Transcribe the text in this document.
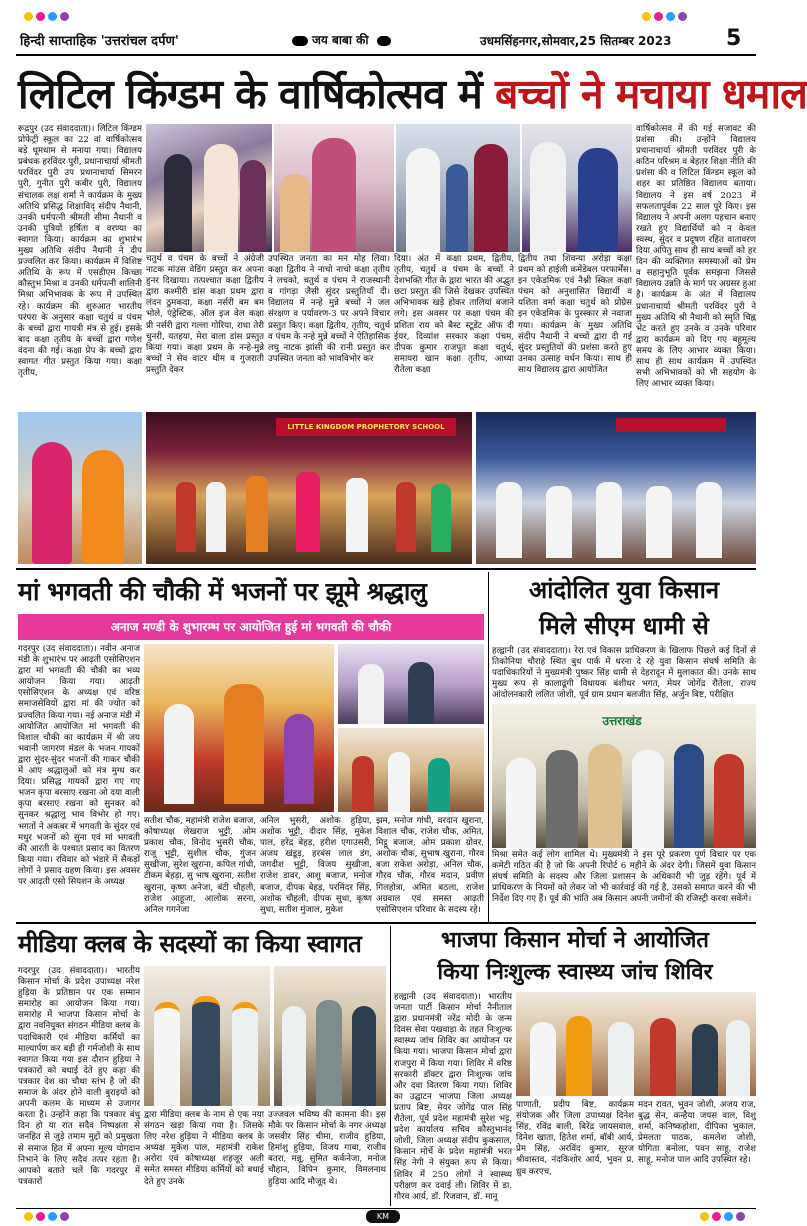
हिन्दी साप्ताहिक 'उत्तरांचल दर्पण'	जय बाबा की	उधमसिंहनगर,सोमवार,25 सितम्बर 2023 5
लिटिल किंग्डम के वार्षिकोत्सव में बच्चों ने मचाया धमाल
रूद्रपुर (उद संवाददाता)। लिटिल किंग्डम प्रोफेट्री स्कूल का 22 वां वार्षिकोत्सव बड़े धूमधाम से मनाया गया। विद्यालय प्रबंधक हरविंदर पुरी, प्रधानाचार्या श्रीमती परविंदर पुरी उप प्रधानाचार्या सिमरन पुरी, गुनीत पुरी कबीर पुरी, विद्यालय संचालक लक्ष शर्मा ने कार्यक्रम के मुख्य अतिथि प्रसिद्ध शिक्षाविद् संदीप नैथानी, उनकी धर्मपत्नी श्रीमती सीमा नैथानी व उनकी पुत्रियों हर्षिता व वरण्या का स्वागत किया। कार्यक्रम का शुभारंभ मुख्य अतिथि संदीप नैथानी ने दीप प्रज्वलित कर किया। कार्यक्रम में विशिष्ट अतिथि के रूप में एसडीएम किच्छा कौस्तुभ मिश्रा व उनकी धर्मपत्नी शालिनी मिश्रा अभिभावक के रूप में उपस्थित रहे। कार्यक्रम की शुरुआत भारतीय परंपरा के अनुसार कक्षा चतुर्थ व पंचम के बच्चों द्वारा गायत्री मंत्र से हुई। इसके बाद कक्षा तृतीय के बच्चों द्वारा गणेश वंदना की गई। कक्षा प्रेप के बच्चों द्वारा स्वागत गीत प्रस्तुत किया गया। कक्षा तृतीय,
वार्षिकोत्सव में की गई सजावट की प्रशंसा की। उन्होंने विद्यालय प्रधानाचार्या श्रीमती परविंदर पुरी के कठिन परिश्रम व बेहतर शिक्षा नीति की प्रशंसा की व लिटिल किंग्डम स्कूल को शहर का प्रतिष्ठित विद्यालय बताया। विद्यालय ने इस वर्ष 2023 में सफलतापूर्वक 22 साल पूरे किए। इस विद्यालय ने अपनी अलग पहचान बनाए रखते हुए विद्यार्थियों को न केवल स्वस्थ, सुंदर व प्रदूषण रहित वातावरण दिया अपितु साथ ही साथ बच्चों को हर दिन की व्यक्तिगत समस्याओं को प्रेम व सहानुभूति पूर्वक समझना जिससे विद्यालय उन्नति के मार्ग पर अग्रसर हुआ है। कार्यक्रम के अंत में विद्यालय प्रधानाचार्या श्रीमती परविंदर पुरी ने मुख्य अतिथि श्री नैथानी को स्मृति चिह्न भेंट करते हुए उनके व उनके परिवार द्वारा कार्यक्रम को दिए गए बहुमूल्य समय के लिए आभार व्यक्त किया। साथ ही साथ कार्यक्रम में उपस्थित सभी अभिभावकों को भी सहयोग के लिए आभार व्यक्त किया।
चतुर्थ व पंचम के बच्चों ने अंग्रेजी नाटक मांउस वेडिंग प्रस्तुत कर अपना हुनर दिखाया। तत्पश्चात कक्षा द्वितीय द्वारा कश्मीरी डांस कक्षा प्रथम द्वारा लंदन ठुमकदा, कक्षा नर्सरी बम बम भोले, एंड्रेस्टिक, ऑल इज वेल कक्षा प्री नर्सरी द्वारा गल्ला गोरिया, राधा तेरी चुनरी, यतहया, मेरा वाला डांस प्रस्तुत किया गया। कक्षा प्रथम के नन्हे-मुन्ने बच्चों ने सेव वाटर थीम व गुजराती प्रस्तुति देकर
उपस्थित जनता का मन मोह लिया। कक्षा द्वितीय ने नाचो नाचो कक्षा तृतीय ने लचको, चतुर्थ व पंचम ने राजस्थानी व गांगड़ा जैसी सुंदर प्रस्तुतियाँ दी। विद्यालय में नन्हे मुन्ने बच्चों ने जल संरक्षण व पर्यावरण-3 पर अपने विचार प्रस्तुत किए। कक्षा द्वितीय, तृतीय, चतुर्थ व पंचम के नन्हे मुन्ने बच्चों ने ऐतिहासिक लघु नाटक झांसी की रानी प्रस्तुत कर उपस्थित जनता को भावविभोर कर
दिया। अंत में कक्षा प्रथम, द्वितीय, तृतीय, चतुर्थ व पंचम के बच्चों ने देशभक्ति गीत के द्वारा भारत की अद्भुत छटा प्रस्तुत की जिसे देखकर उपस्थित अभिभावक खड़े होकर तालियां बजाने लगे। इस अवसर पर कक्षा पंचम की प्रशिता राय को बैस्ट स्टूडेंट ऑफ दी ईयर, दिव्यांश सरकार कक्षा पंचम, दीपक कुमार राजपूत कक्षा चतुर्थ, समायरा खान कक्षा तृतीय, आध्या रौतेला कक्षा
द्वितीय तथा शिवन्या अरोड़ा कक्षा प्रथम को हाईली कमेंडेबल परफार्मेंस। इन एकेडमिक एवं नैश्नी स्किल कक्षा पंचम को अनुशासित विद्यार्थी व यशिता वर्मा कक्षा चतुर्थ को प्रोग्रेस इन एकेडमिक के पुरस्कार से नवाजा गया। कार्यक्रम के मुख्य अतिथि संदीप नैथानी ने बच्चों द्वारा दी गई सुंदर प्रस्तुतियों की प्रशंसा करते हुए उनका उत्साह वर्धन किया। साथ ही साथ विद्यालय द्वारा आयोजित
LITTLE KINGDOM PROPHETORY SCHOOL
मां भगवती की चौकी में भजनों पर झूमे श्रद्धालु
अनाज मण्डी के शुभारम्भ पर आयोजित हुई मां भगवती की चौकी
गदरपुर (उद संवाददाता)। नवीन अनाज मंडी के शुभारंभ पर आढ़ती एसोसिएशन द्वारा मां भगवती की चौकी का भव्य आयोजन किया गया। आढ़ती एसोसिएशन के अध्यक्ष एवं वरिष्ठ समाजसेवियों द्वारा मां की ज्योत को प्रज्वलित किया गया। नई अनाज मंडी में आयोजित आयोजित मां भगवती की विशाल चौकी का कार्यक्रम में श्री जय भवानी जागरण मंडल के भजन गायकों द्वारा सुंदर-सुंदर भजनों की गाकर चौकी में आए श्रद्धालुओं को मंत्र मुग्ध कर दिया। प्रसिद्ध गायकों द्वारा गए गए भजन कृपा बरसाए रखना ओ दया वाली कृपा बरसाए रखना को सुनकर को सुनकर श्रद्धालु भाव विभोर हो गए। भगतों ने अकबर में भगवती के सुंदर एवं मधुर भजनों को सुना एवं मां भगवती की आरती के पश्चात प्रसाद का वितरण किया गया। रविवार को भंडारे में सैकड़ों लोगों ने प्रसाद ग्रहण किया। इस अवसर पर आढ़ती एसो सियशन के अध्यक्ष
सतीश चौक, महामंत्री राजेश बजाज, कोषाध्यक्ष लेखराज भुट्टी, ओम प्रकाश चौक, विनोद भुसरी चौक, राजू भुट्टी, सुशील चौक, गुंजन सुखीजा, सुरेश खुराना, कपिल गांधी, टीकम बेहड़ा, सु भाष खुराना, सतीश खुराना, कृष्ण अनेजा, बंटी चौहली, राजेश आहूजा, आलोक सरना, अनिल गगनेजा
अनिल भुसरी, अशोक हुड़िया, अशोक भुट्टी, दीदार सिंह, मुकेश पाल, हरेंद्र बेहड़, हरीश एगाउसरी, अजय खंडूड़, हरबंस लाल डंग, जगदीश भुट्टी, विजय सुखीजा, राजेश डावर, आशु बजाज, मनोज बजाज, दीपक बेहड़, परमिंदर सिंह, अशोक चौहली, दीपक सुधा, कृष्ण सुधा, सतीश मुंजाल, मुकेश
झम, मनोज गांधी, वरदान खुराना, विशाल चौक, राजेश चौक, अमित, मिट्ठू बजाज, ओम प्रकाश ग्रोवर, अशोक चौक, सुभाष खुराना, गौरव बजा राकेश अरोड़ा, अनिल चौक, गौरव चौक, गौरव मदान, प्रवीण गिलहोत्रा, अमित बठला, राजेश अग्रवाल एवं समस्त आढ़ती एसोसिएशन परिवार के सदस्य रहे।
आंदोलित युवा किसान
मिले सीएम धामी से
हल्द्वानी (उद संवाददाता)। रेरा एवं विकास प्राधिकरण के खिलाफ पिछले कई दिनों से तिकोनिया चौराहे स्थित बुध पार्क में धरना दे रहे युवा किसान संघर्ष समिति के पदाधिकारियों ने मुख्यमंत्री पुष्कर सिंह धामी से देहरादून में मुलाकात की। उनके साथ मुख्य रूप से कालाढूंगी विधायक बंशीधर भगत, मेयर जोगेंद्र रौतेला, राज्य आंदोलनकारी ललित जोशी, पूर्व ग्राम प्रधान बलजीत सिंह, अर्जुन बिष्ट, परीक्षित
उत्तराखंड
मिश्रा समेत कई लोग शामिल थे। मुख्यमंत्री ने इस पूरे प्रकरण पूर्ण विचार पर एक कमेटी गठित की है जो कि अपनी रिपोर्ट 6 महीने के अंदर देगी। जिसमें युवा किसान संघर्ष समिति के सदस्य और जिला प्रशासन के अधिकारी भी जुड़ रहेंगे। पूर्व में प्राधिकरण के नियमों को लेकर जो भी कार्रवाई की गई है, उसको समाप्त करने की भी निर्देश दिए गए हैं। पूर्व की भांति अब किसान अपनी जमीनों की रजिस्ट्री करवा सकेंगे।
मीडिया क्लब के सदस्यों का किया स्वागत
गदरपुर (उद संवाददाता)। भारतीय किसान मोर्चा के प्रदेश उपाध्यक्ष नरेश हुड़िया के प्रतिष्ठान पर एक सम्मान समारोह का आयोजन किया गया। समारोह में भाजपा किसान मोर्चा के द्वारा नवनियुक्त संगठन मीडिया क्लब के पदाधिकारी एवं मीडिया कर्मियों का माल्यार्पण कर बड़ी ही गर्मजोशी के साथ स्वागत किया गया इस दौरान हुड़िया ने पत्रकारों को बधाई देते हुए कहा की पत्रकार देश का चौथा स्तंभ है जो की समाज के अंदर होने वाली बुराइयों को अपनी कलम के माध्यम से उजागर करता है। उन्होंने कहा कि पत्रकार बंधु दिन हो या रात सदैव निष्पक्षता से जनहित से जुड़े तमाम मुद्दों को प्रमुखता से समाज हित में अपना मूल्य योगदान निभाने के लिए सदैव तत्पर रहता है। आपको बताते चलें कि गदरपुर में पत्रकारों
द्वारा मीडिया क्लब के नाम से एक नया संगठन खड़ा किया गया है। जिसके लिए नरेश हुड़िया ने मीडिया क्लब के अध्यक्ष मुकेश पाल, महामंत्री राकेश अरोरा एवं कोषाध्यक्ष शहजूर अली समेत समस्त मीडिया कर्मियों को बधाई देते हुए उनके
उज्जवल भविष्य की कामना की। इस मौके पर किसान मोर्चा के नगर अध्यक्ष जसवीर सिंह चीमा, राजीव हुड़िया, हिमांशु हुड़िया, विजय गाबा, राजीव बतरा, मन्नू, सुमित कर्कनेजा, मनोज चौहान, विपिन कुमार, विमलनाथ हुड़िया आदि मौजूद थे।
भाजपा किसान मोर्चा ने आयोजित
किया निःशुल्क स्वास्थ्य जांच शिविर
हल्द्वानी (उद संवाददाता)। भारतीय जनता पार्टी किसान मोर्चा नैनीताल द्वारा प्रधानमंत्री नरेंद्र मोदी के जन्म दिवस सेवा पखवाड़ा के तहत निःशुल्क स्वास्थ्य जांच शिविर का आयोजन पर किया गया। भाजपा किसान मोर्चा द्वारा राजपुरा में किया गया। शिविर में वरिष्ठ सरकारी डॉक्टर द्वारा निःशुल्क जांच और दवा वितरण किया गया। शिविर का उद्घाटन भाजपा जिला अध्यक्ष प्रताप बिष्ट, मेयर जोगेंद्र पाल सिंह रौतेला, पूर्व प्रदेश महामंत्री सुरेश भट्ट, प्रदेश कार्यालय सचिव कौस्तुभानंद जोशी, जिला अध्यक्ष संदीप कुकसाल, किसान मोर्चे के प्रदेश महामंत्री भरत सिंह नेगी ने संयुक्त रूप से किया। शिविर में 250 लोगों ने स्वास्थ्य परीक्षण कर दवाई ली। शिविर में डा. गौरव आर्य, डॉ. रिजवान, डॉ. मानू
पाणाती, प्रदीप बिष्ट, कार्यक्रम संयोजक और जिला उपाध्यक्ष दिनेश सिंह, रविंद्र बाली, बिरेंद्र जायसवाल, दिनेश खाता, हितेश शर्मा, बॉबी आर्य, प्रेम सिंह, अरविंद कुमार, सूरज श्रीवास्तव, नंदकिशोर आर्य, भुवन प्र, ध्रुव करएच,
मदन रावत, भुवन जोशी, अजय राज, बुद्ध सेन, कन्हैया जयस वाल, विशु शर्मा, कनिष्कहोशा, दीपिका भुकाल, प्रेमलता पाठक, कमलेश जोशी, योगिता बनोला, पवन साहू, राजेश साहू, मनोज पाल आदि उपस्थित रहे।
KM
